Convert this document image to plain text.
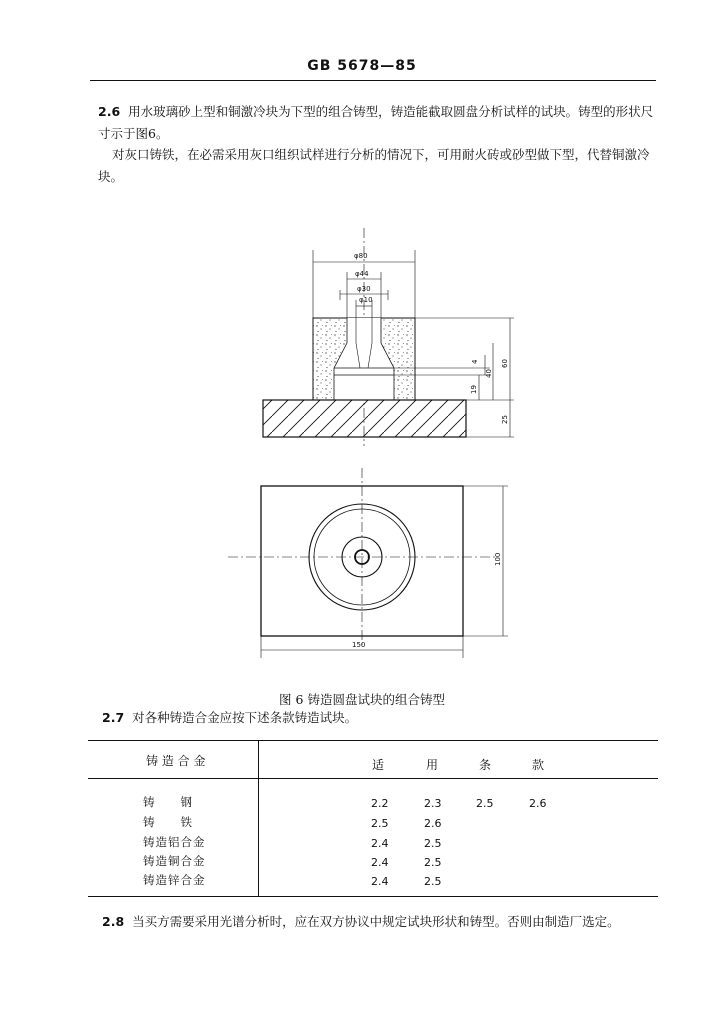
GB 5678—85
2.6 用水玻璃砂上型和铜激冷块为下型的组合铸型，铸造能截取圆盘分析试样的试块。铸型的形状尺寸示于图6。
对灰口铸铁，在必需采用灰口组织试样进行分析的情况下，可用耐火砖或砂型做下型，代替铜激冷块。
φ80
φ44
φ30
φ10
4
40
60
19
25
100
150
图 6 铸造圆盘试块的组合铸型
2.7 对各种铸造合金应按下述条款铸造试块。
铸 造 合 金	适	用	条	款
铸　　钢	2.2	2.3	2.5	2.6
铸　　铁	2.5	2.6
铸造铝合金	2.4	2.5
铸造铜合金	2.4	2.5
铸造锌合金	2.4	2.5
2.8 当买方需要采用光谱分析时，应在双方协议中规定试块形状和铸型。否则由制造厂选定。
